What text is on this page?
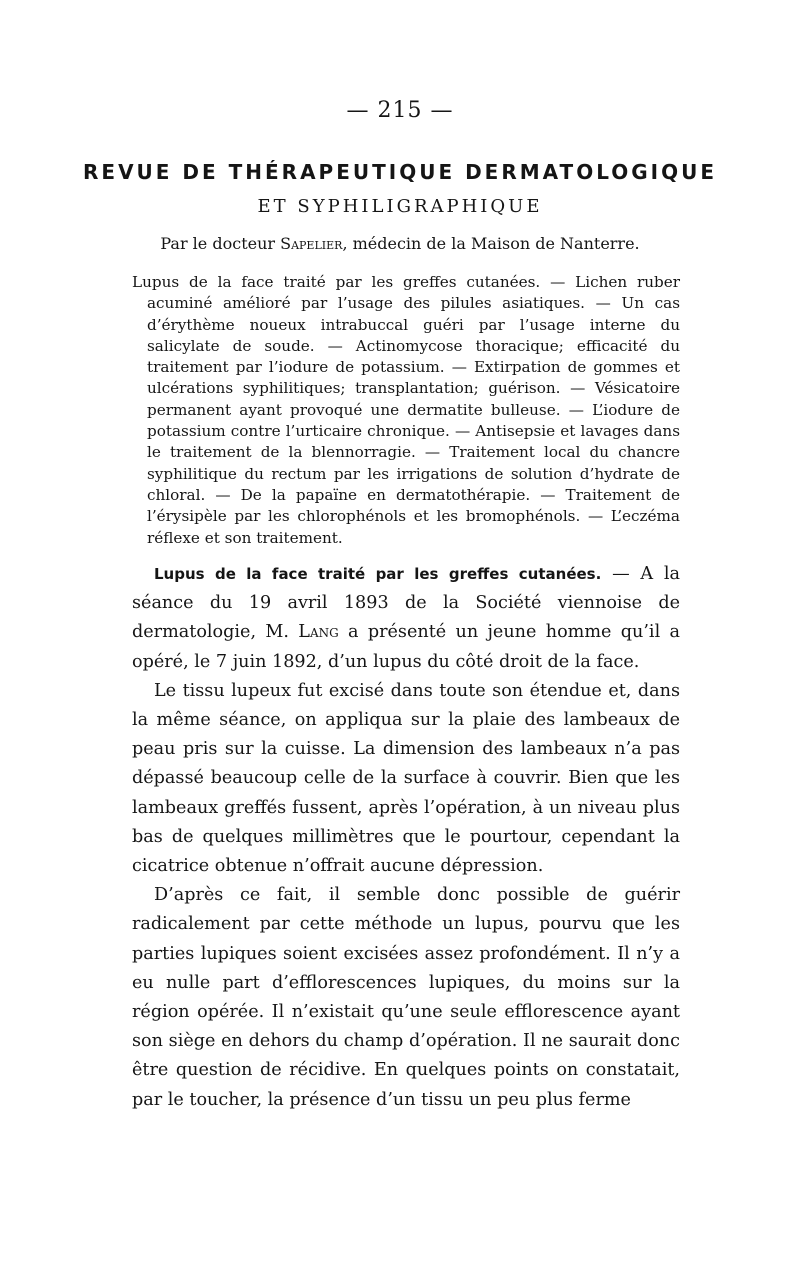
— 215 —
REVUE DE THÉRAPEUTIQUE DERMATOLOGIQUE
ET SYPHILIGRAPHIQUE
Par le docteur Sapelier, médecin de la Maison de Nanterre.

Lupus de la face traité par les greffes cutanées. — Lichen ruber acuminé amélioré par l’usage des pilules asiatiques. — Un cas d’érythème noueux intrabuccal guéri par l’usage interne du salicylate de soude. — Actinomycose thoracique; efficacité du traitement par l’iodure de potassium. — Extirpation de gommes et ulcérations syphilitiques; transplantation; guérison. — Vésicatoire permanent ayant provoqué une dermatite bulleuse. — L’iodure de potassium contre l’urticaire chronique. — Antisepsie et lavages dans le traitement de la blennorragie. — Traitement local du chancre syphilitique du rectum par les irrigations de solution d’hydrate de chloral. — De la papaïne en dermatothérapie. — Traitement de l’érysipèle par les chlorophénols et les bromophénols. — L’eczéma réflexe et son traitement.

Lupus de la face traité par les greffes cutanées. — A la séance du 19 avril 1893 de la Société viennoise de dermatologie, M. Lang a présenté un jeune homme qu’il a opéré, le 7 juin 1892, d’un lupus du côté droit de la face.

Le tissu lupeux fut excisé dans toute son étendue et, dans la même séance, on appliqua sur la plaie des lambeaux de peau pris sur la cuisse. La dimension des lambeaux n’a pas dépassé beaucoup celle de la surface à couvrir. Bien que les lambeaux greffés fussent, après l’opération, à un niveau plus bas de quelques millimètres que le pourtour, cependant la cicatrice obtenue n’offrait aucune dépression.

D’après ce fait, il semble donc possible de guérir radicalement par cette méthode un lupus, pourvu que les parties lupiques soient excisées assez profondément. Il n’y a eu nulle part d’efflorescences lupiques, du moins sur la région opérée. Il n’existait qu’une seule efflorescence ayant son siège en dehors du champ d’opération. Il ne saurait donc être question de récidive. En quelques points on constatait, par le toucher, la présence d’un tissu un peu plus ferme
